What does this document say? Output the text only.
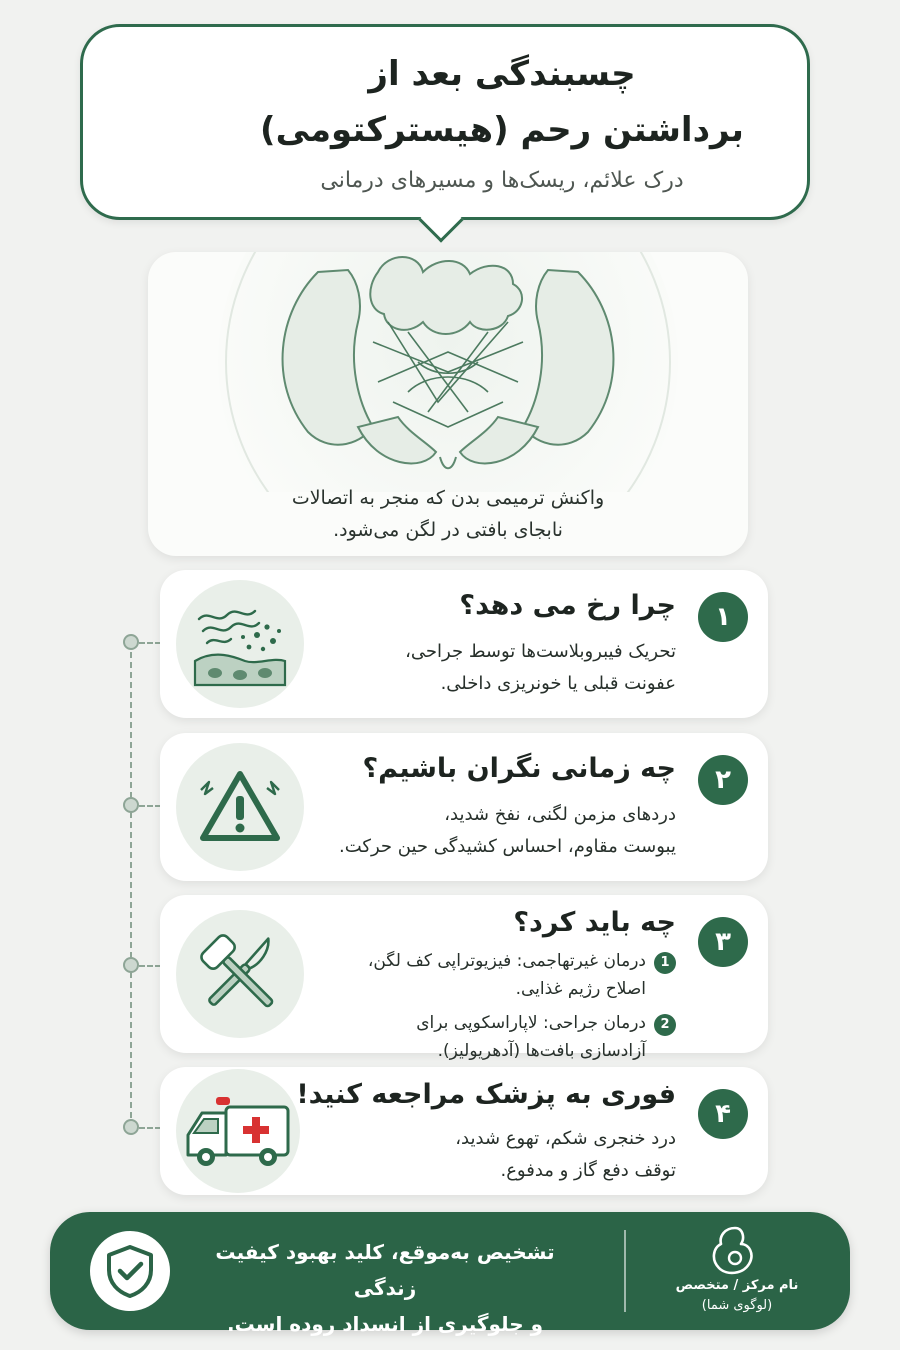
چسبندگی بعد از
برداشتن رحم (هیسترکتومی)
درک علائم، ریسک‌ها و مسیرهای درمانی
واکنش ترمیمی بدن که منجر به اتصالات
نابجای بافتی در لگن می‌شود.
۱
چرا رخ می دهد؟
تحریک فیبروبلاست‌ها توسط جراحی،
عفونت قبلی یا خونریزی داخلی.
۲
چه زمانی نگران باشیم؟
دردهای مزمن لگنی، نفخ شدید،
یبوست مقاوم، احساس کشیدگی حین حرکت.
۳
چه باید کرد؟
1
درمان غیرتهاجمی: فیزیوتراپی کف لگن،
اصلاح رژیم غذایی.
2
درمان جراحی: لاپاراسکوپی برای
آزادسازی بافت‌ها (آدهریولیز).
۴
فوری به پزشک مراجعه کنید!
درد خنجری شکم، تهوع شدید،
توقف دفع گاز و مدفوع.
تشخیص به‌موقع، کلید بهبود کیفیت زندگی
و جلوگیری از انسداد روده است.
نام مرکز / متخصص
(لوگوی شما)
